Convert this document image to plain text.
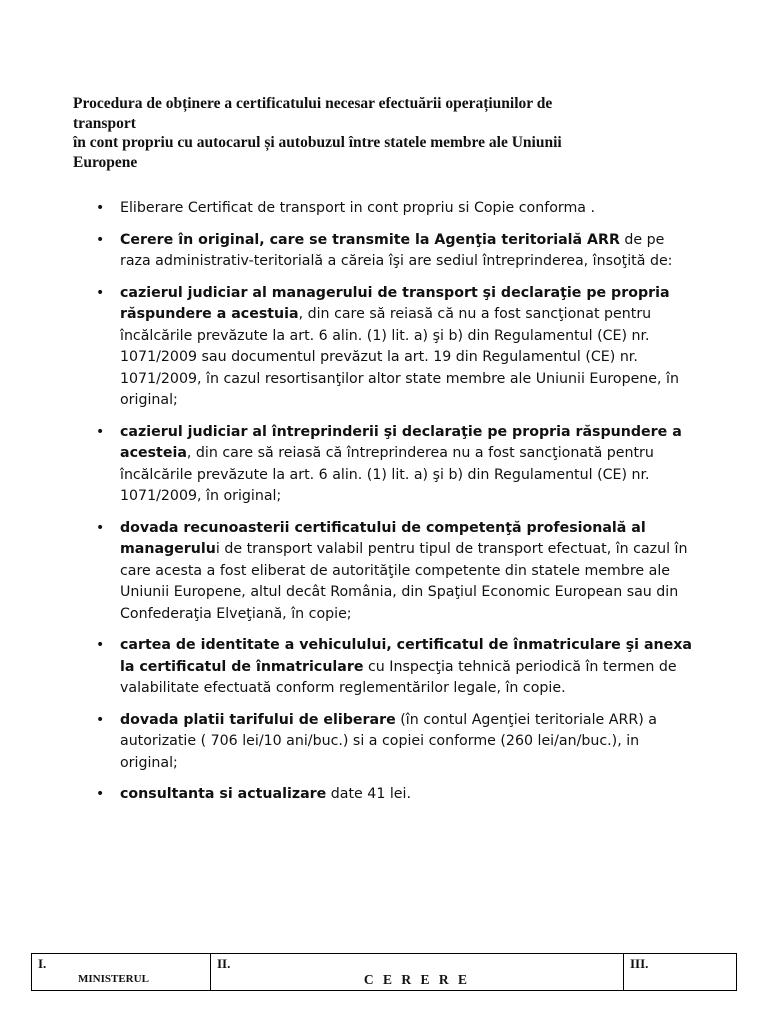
Procedura de obținere a certificatului necesar efectuării operațiunilor de
transport
în cont propriu cu autocarul și autobuzul între statele membre ale Uniunii
Europene
• Eliberare Certificat de transport in cont propriu si Copie conforma .
• Cerere în original, care se transmite la Agenţia teritorială ARR de pe raza administrativ-teritorială a căreia îşi are sediul întreprinderea, însoţită de:
• cazierul judiciar al managerului de transport şi declaraţie pe propria răspundere a acestuia, din care să reiasă că nu a fost sancţionat pentru încălcările prevăzute la art. 6 alin. (1) lit. a) şi b) din Regulamentul (CE) nr. 1071/2009 sau documentul prevăzut la art. 19 din Regulamentul (CE) nr. 1071/2009, în cazul resortisanţilor altor state membre ale Uniunii Europene, în original;
• cazierul judiciar al întreprinderii şi declaraţie pe propria răspundere a acesteia, din care să reiasă că întreprinderea nu a fost sancţionată pentru încălcările prevăzute la art. 6 alin. (1) lit. a) şi b) din Regulamentul (CE) nr. 1071/2009, în original;
• dovada recunoasterii certificatului de competenţă profesională al managerului de transport valabil pentru tipul de transport efectuat, în cazul în care acesta a fost eliberat de autorităţile competente din statele membre ale Uniunii Europene, altul decât România, din Spaţiul Economic European sau din Confederaţia Elveţiană, în copie;
• cartea de identitate a vehiculului, certificatul de înmatriculare şi anexa la certificatul de înmatriculare cu Inspecţia tehnică periodică în termen de valabilitate efectuată conform reglementărilor legale, în copie.
• dovada platii tarifului de eliberare (în contul Agenţiei teritoriale ARR) a autorizatie ( 706 lei/10 ani/buc.) si a copiei conforme (260 lei/an/buc.), in original;
• consultanta si actualizare date 41 lei.
I.
MINISTERUL
	II.
C E R E R E
	III.
